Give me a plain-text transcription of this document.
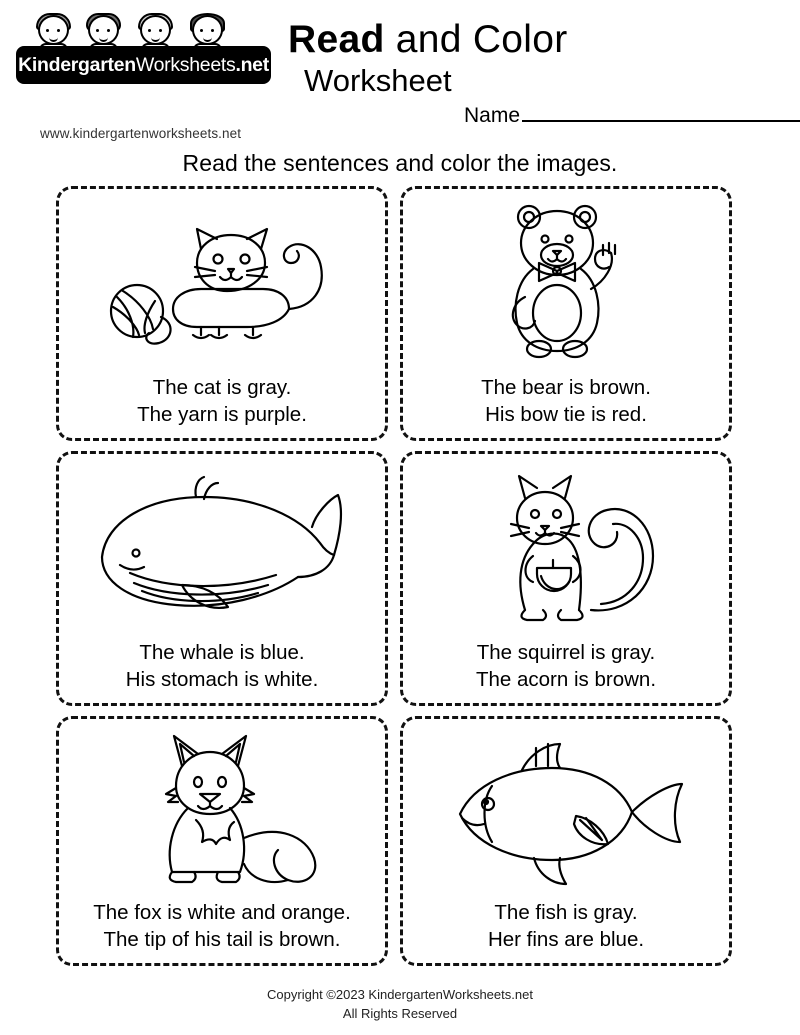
KindergartenWorksheets.net
www.kindergartenworksheets.net
Read and Color
Worksheet
Name
Read the sentences and color the images.
The cat is gray.
The yarn is purple.
The bear is brown.
His bow tie is red.
The whale is blue.
His stomach is white.
The squirrel is gray.
The acorn is brown.
The fox is white and orange.
The tip of his tail is brown.
The fish is gray.
Her fins are blue.
Copyright ©2023 KindergartenWorksheets.net
All Rights Reserved
